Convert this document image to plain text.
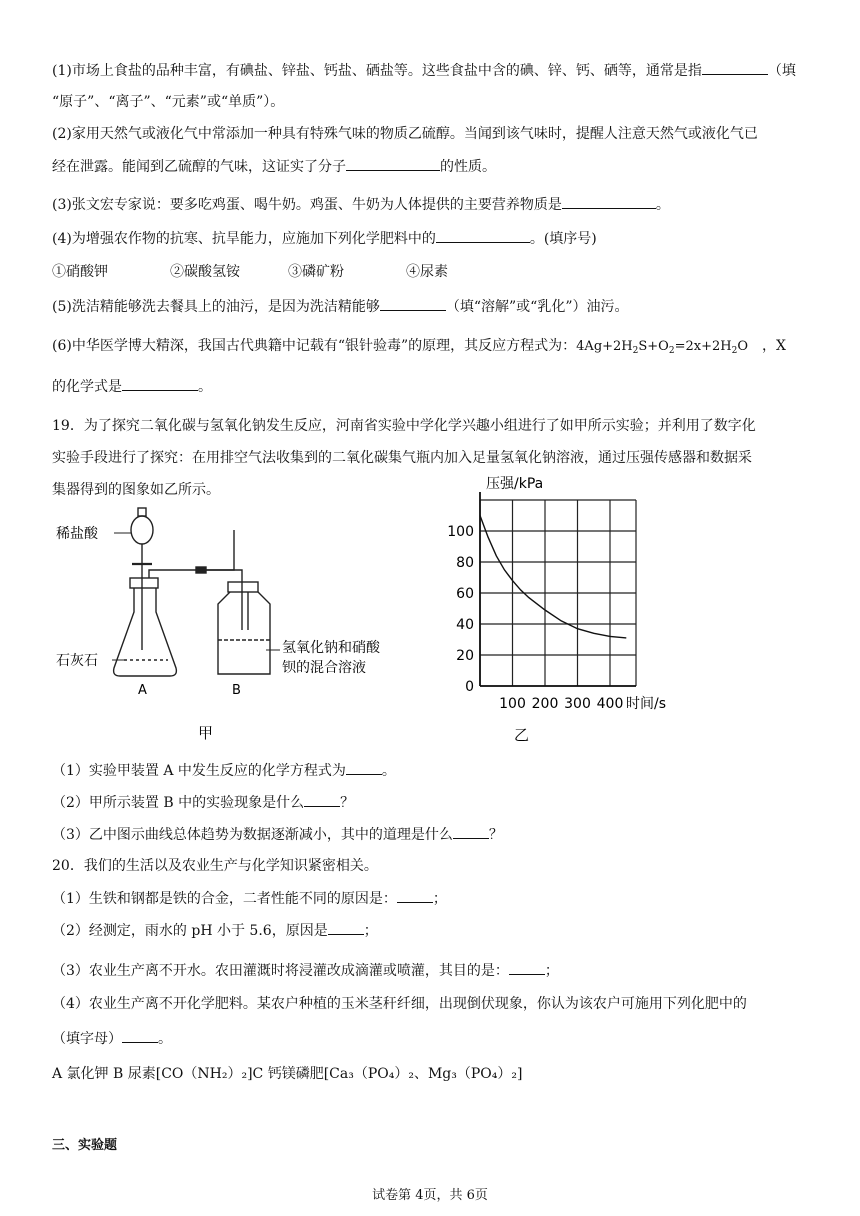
(1)市场上食盐的品种丰富，有碘盐、锌盐、钙盐、硒盐等。这些食盐中含的碘、锌、钙、硒等，通常是指	（填
“原子”、“离子”、“元素”或“单质”）。
(2)家用天然气或液化气中常添加一种具有特殊气味的物质乙硫醇。当闻到该气味时，提醒人注意天然气或液化气已
经在泄露。能闻到乙硫醇的气味，这证实了分子	的性质。
(3)张文宏专家说：要多吃鸡蛋、喝牛奶。鸡蛋、牛奶为人体提供的主要营养物质是	。
(4)为增强农作物的抗寒、抗旱能力，应施加下列化学肥料中的	。(填序号)
①硝酸钾	②碳酸氢铵	③磷矿粉	④尿素
(5)洗洁精能够洗去餐具上的油污，是因为洗洁精能够	（填“溶解”或“乳化”）油污。
(6)中华医学博大精深，我国古代典籍中记载有“银针验毒”的原理，其反应方程式为：$4Ag+2H_2S+O_2=2x+2H_2O$ ，X
的化学式是	。
19．为了探究二氧化碳与氢氧化钠发生反应，河南省实验中学化学兴趣小组进行了如甲所示实验；并利用了数字化
实验手段进行了探究：在用排空气法收集到的二氧化碳集气瓶内加入足量氢氧化钠溶液，通过压强传感器和数据采
集器得到的图象如乙所示。
稀盐酸
石灰石
A	B
氢氧化钠和硝酸
钡的混合溶液
甲
0
20
40
60
80
100
100 200 300 400
压强/kPa
时间/s
乙
（1）实验甲装置 A 中发生反应的化学方程式为	。
（2）甲所示装置 B 中的实验现象是什么	？
（3）乙中图示曲线总体趋势为数据逐渐减小，其中的道理是什么	？
20．我们的生活以及农业生产与化学知识紧密相关。
（1）生铁和钢都是铁的合金，二者性能不同的原因是：	；
（2）经测定，雨水的 pH 小于 5.6，原因是	；
（3）农业生产离不开水。农田灌溉时将浸灌改成滴灌或喷灌，其目的是：	；
（4）农业生产离不开化学肥料。某农户种植的玉米茎秆纤细，出现倒伏现象，你认为该农户可施用下列化肥中的
（填字母）	。
A 氯化钾 B 尿素[CO（NH₂）₂]C 钙镁磷肥[Ca₃（PO₄）₂、Mg₃（PO₄）₂]
三、实验题
试卷第 4页，共 6页
